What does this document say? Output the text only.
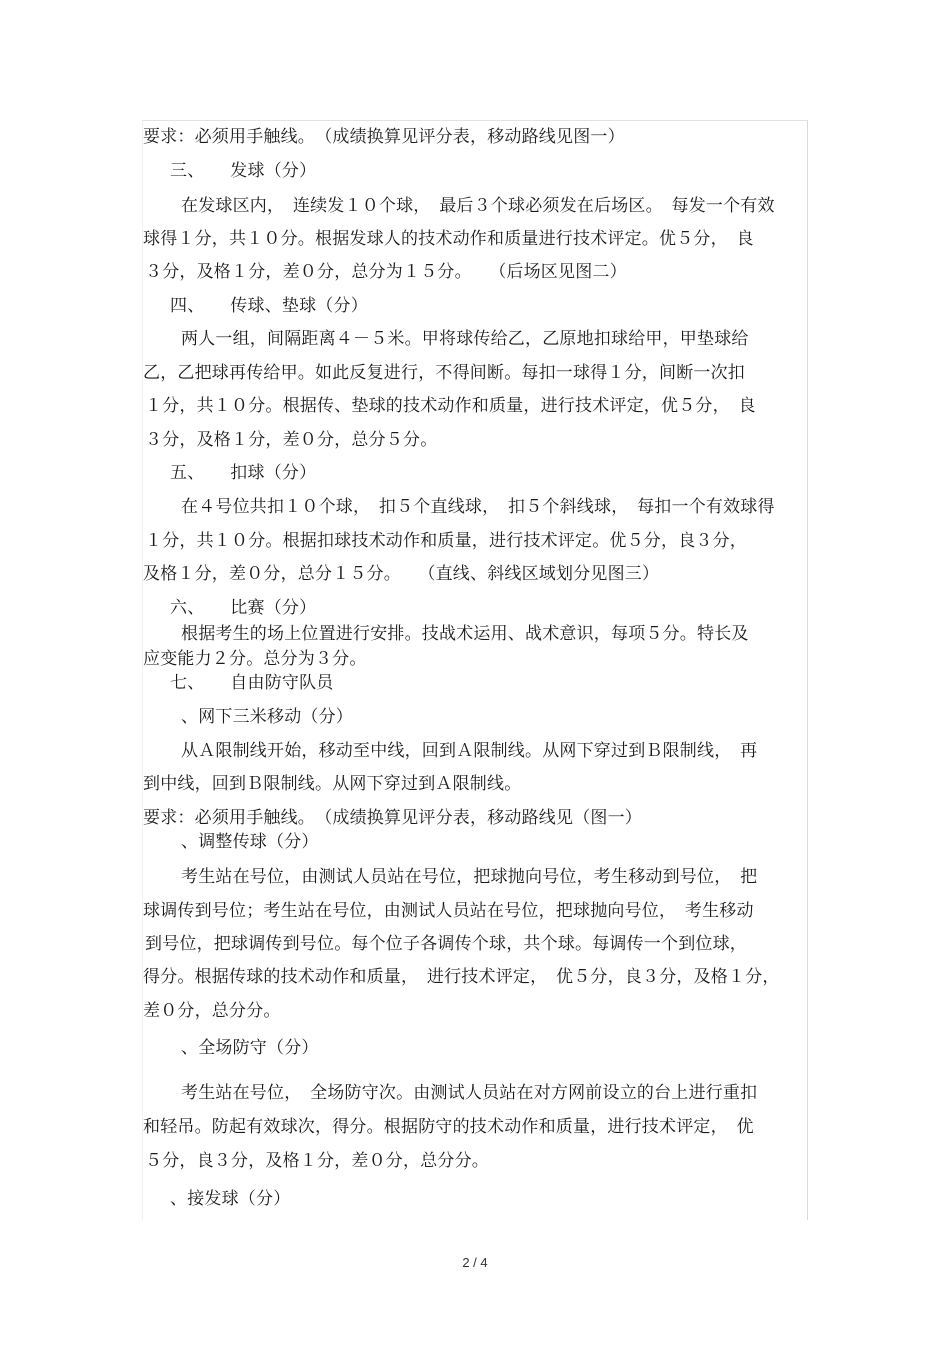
要求：必须用手触线。　（成绩换算见评分表，移动路线见图一）
三、　　发球（分）
在发球区内，　连续发１０个球，　最后３个球必须发在后场区。　每发一个有效
球得１分，共１０分。根据发球人的技术动作和质量进行技术评定。优５分，　良
３分，及格１分，差０分，总分为１５分。　　（后场区见图二）
四、　　传球、垫球（分）
两人一组，间隔距离４－５米。甲将球传给乙，乙原地扣球给甲，甲垫球给
乙，乙把球再传给甲。如此反复进行，不得间断。每扣一球得１分，间断一次扣
１分，共１０分。根据传、垫球的技术动作和质量，进行技术评定，优５分，　良
３分，及格１分，差０分，总分５分。
五、　　扣球（分）
在４号位共扣１０个球，　扣５个直线球，　扣５个斜线球，　每扣一个有效球得
１分，共１０分。根据扣球技术动作和质量，进行技术评定。优５分，良３分，
及格１分，差０分，总分１５分。　　（直线、斜线区域划分见图三）
六、　　比赛（分）
根据考生的场上位置进行安排。技战术运用、战术意识，每项５分。特长及
应变能力２分。总分为３分。
七、　　自由防守队员
、网下三米移动（分）
从Ａ限制线开始，移动至中线，回到Ａ限制线。从网下穿过到Ｂ限制线，　再
到中线，回到Ｂ限制线。从网下穿过到Ａ限制线。
要求：必须用手触线。　（成绩换算见评分表，移动路线见（图一）
、调整传球（分）
考生站在号位，由测试人员站在号位，把球抛向号位，考生移动到号位，　把
球调传到号位；考生站在号位，由测试人员站在号位，把球抛向号位，　考生移动
到号位，把球调传到号位。每个位子各调传个球，共个球。每调传一个到位球，
得分。根据传球的技术动作和质量，　进行技术评定，　优５分，良３分，及格１分，
差０分，总分分。
、全场防守（分）
考生站在号位，　全场防守次。由测试人员站在对方网前设立的台上进行重扣
和轻吊。防起有效球次，得分。根据防守的技术动作和质量，进行技术评定，　优
５分，良３分，及格１分，差０分，总分分。
、接发球（分）
2 / 4
